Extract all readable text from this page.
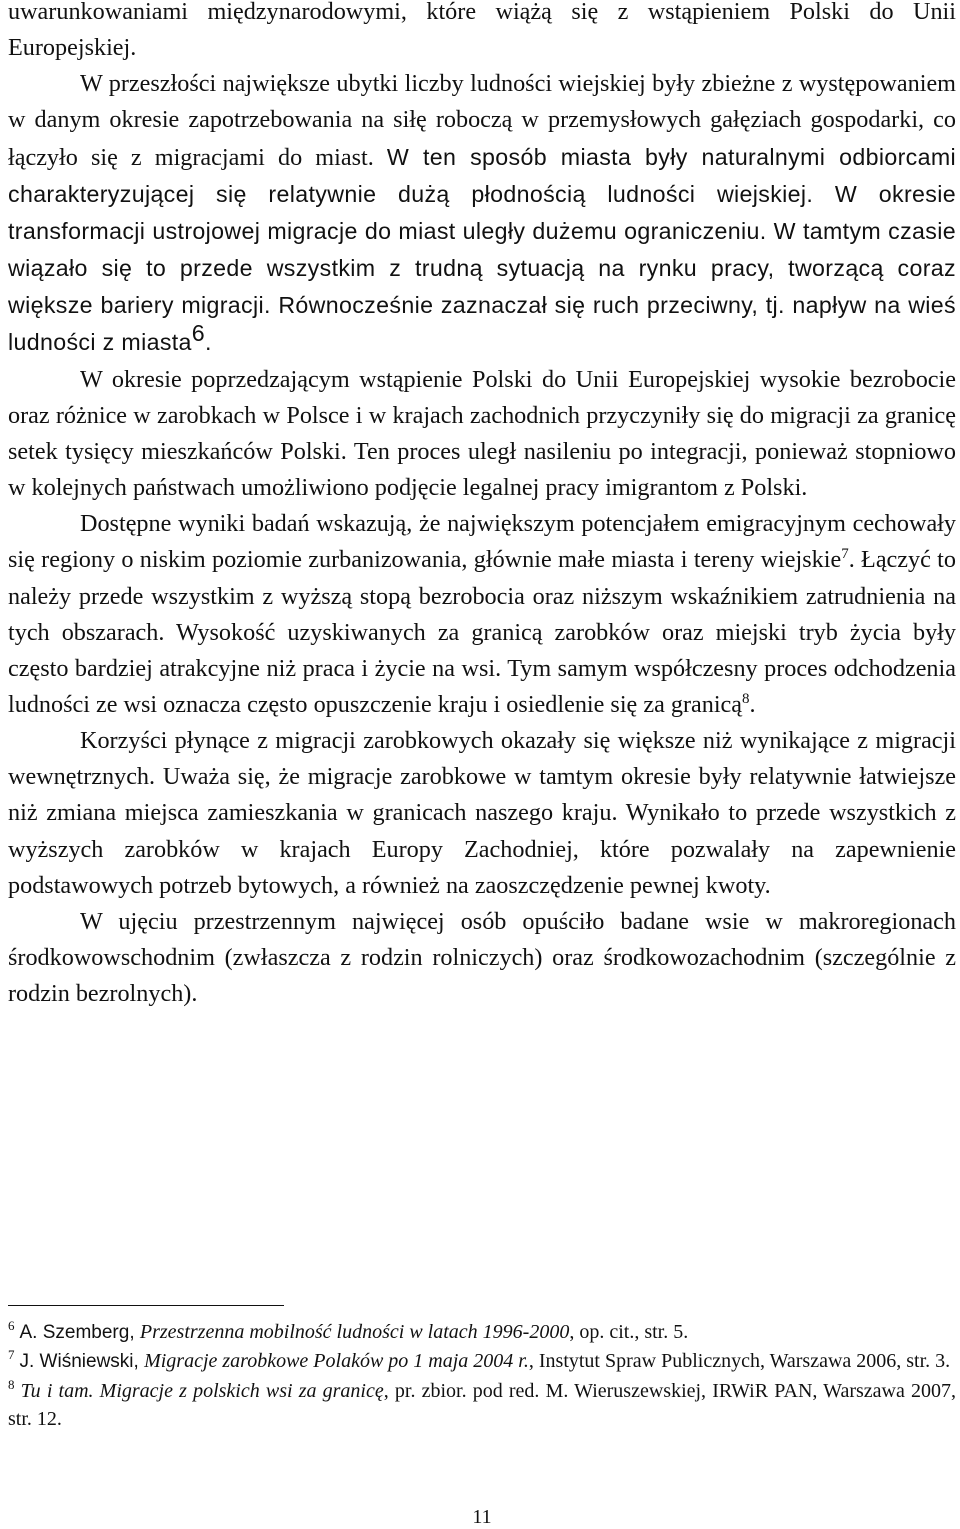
uwarunkowaniami międzynarodowymi, które wiążą się z wstąpieniem Polski do Unii Europejskiej.

W przeszłości największe ubytki liczby ludności wiejskiej były zbieżne z występowaniem w danym okresie zapotrzebowania na siłę roboczą w przemysłowych gałęziach gospodarki, co łączyło się z migracjami do miast. W ten sposób miasta były naturalnymi odbiorcami charakteryzującej się relatywnie dużą płodnością ludności wiejskiej. W okresie transformacji ustrojowej migracje do miast uległy dużemu ograniczeniu. W tamtym czasie wiązało się to przede wszystkim z trudną sytuacją na rynku pracy, tworzącą coraz większe bariery migracji. Równocześnie zaznaczał się ruch przeciwny, tj. napływ na wieś ludności z miasta$^6$.

W okresie poprzedzającym wstąpienie Polski do Unii Europejskiej wysokie bezrobocie oraz różnice w zarobkach w Polsce i w krajach zachodnich przyczyniły się do migracji za granicę setek tysięcy mieszkańców Polski. Ten proces uległ nasileniu po integracji, ponieważ stopniowo w kolejnych państwach umożliwiono podjęcie legalnej pracy imigrantom z Polski.

Dostępne wyniki badań wskazują, że największym potencjałem emigracyjnym cechowały się regiony o niskim poziomie zurbanizowania, głównie małe miasta i tereny wiejskie$^7$. Łączyć to należy przede wszystkim z wyższą stopą bezrobocia oraz niższym wskaźnikiem zatrudnienia na tych obszarach. Wysokość uzyskiwanych za granicą zarobków oraz miejski tryb życia były często bardziej atrakcyjne niż praca i życie na wsi. Tym samym współczesny proces odchodzenia ludności ze wsi oznacza często opuszczenie kraju i osiedlenie się za granicą$^8$.

Korzyści płynące z migracji zarobkowych okazały się większe niż wynikające z migracji wewnętrznych. Uważa się, że migracje zarobkowe w tamtym okresie były relatywnie łatwiejsze niż zmiana miejsca zamieszkania w granicach naszego kraju. Wynikało to przede wszystkich z wyższych zarobków w krajach Europy Zachodniej, które pozwalały na zapewnienie podstawowych potrzeb bytowych, a również na zaoszczędzenie pewnej kwoty.

W ujęciu przestrzennym najwięcej osób opuściło badane wsie w makroregionach środkowowschodnim (zwłaszcza z rodzin rolniczych) oraz środkowozachodnim (szczególnie z rodzin bezrolnych).

$^6$ A. Szemberg, Przestrzenna mobilność ludności w latach 1996-2000, op. cit., str. 5.

$^7$ J. Wiśniewski, Migracje zarobkowe Polaków po 1 maja 2004 r., Instytut Spraw Publicznych, Warszawa 2006, str. 3.

$^8$ Tu i tam. Migracje z polskich wsi za granicę, pr. zbior. pod red. M. Wieruszewskiej, IRWiR PAN, Warszawa 2007, str. 12.

11
